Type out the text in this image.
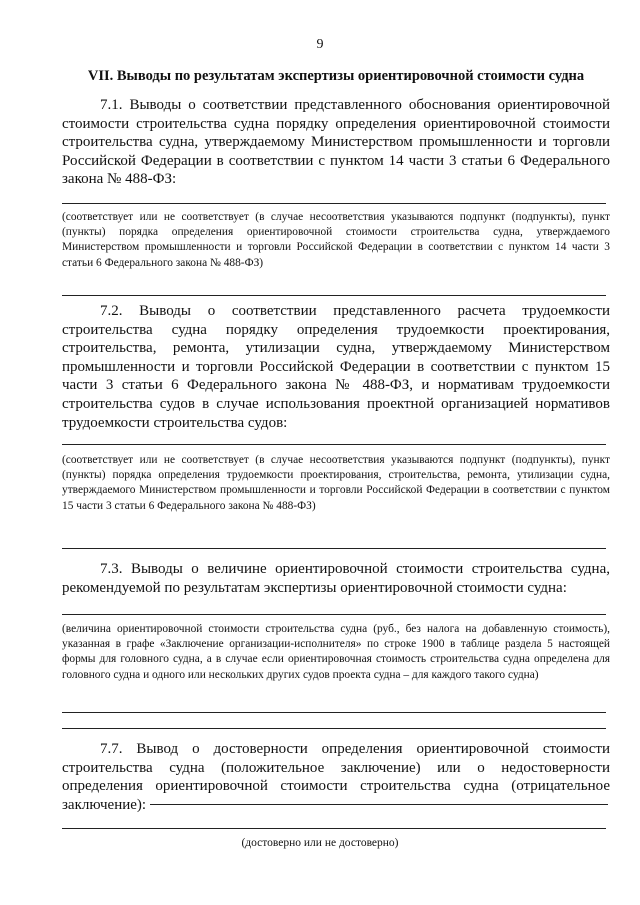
9
VII. Выводы по результатам экспертизы ориентировочной стоимости судна
7.1. Выводы о соответствии представленного обоснования ориентировочной стоимости строительства судна порядку определения ориентировочной стоимости строительства судна, утверждаемому Министерством промышленности и торговли Российской Федерации в соответствии с пунктом 14 части 3 статьи 6 Федерального закона № 488-ФЗ:
(соответствует или не соответствует (в случае несоответствия указываются подпункт (подпункты), пункт (пункты) порядка определения ориентировочной стоимости строительства судна, утверждаемого Министерством промышленности и торговли Российской Федерации в соответствии с пунктом 14 части 3 статьи 6 Федерального закона № 488-ФЗ)
7.2. Выводы о соответствии представленного расчета трудоемкости строительства судна порядку определения трудоемкости проектирования, строительства, ремонта, утилизации судна, утверждаемому Министерством промышленности и торговли Российской Федерации в соответствии с пунктом 15 части 3 статьи 6 Федерального закона № 488-ФЗ, и нормативам трудоемкости строительства судов в случае использования проектной организацией нормативов трудоемкости строительства судов:
(соответствует или не соответствует (в случае несоответствия указываются подпункт (подпункты), пункт (пункты) порядка определения трудоемкости проектирования, строительства, ремонта, утилизации судна, утверждаемого Министерством промышленности и торговли Российской Федерации в соответствии с пунктом 15 части 3 статьи 6 Федерального закона № 488-ФЗ)
7.3. Выводы о величине ориентировочной стоимости строительства судна, рекомендуемой по результатам экспертизы ориентировочной стоимости судна:
(величина ориентировочной стоимости строительства судна (руб., без налога на добавленную стоимость), указанная в графе «Заключение организации-исполнителя» по строке 1900 в таблице раздела 5 настоящей формы для головного судна, а в случае если ориентировочная стоимость строительства судна определена для головного судна и одного или нескольких других судов проекта судна – для каждого такого судна)
7.7. Вывод о достоверности определения ориентировочной стоимости строительства судна (положительное заключение) или о недостоверности определения ориентировочной стоимости строительства судна (отрицательное заключение):
(достоверно или не достоверно)
